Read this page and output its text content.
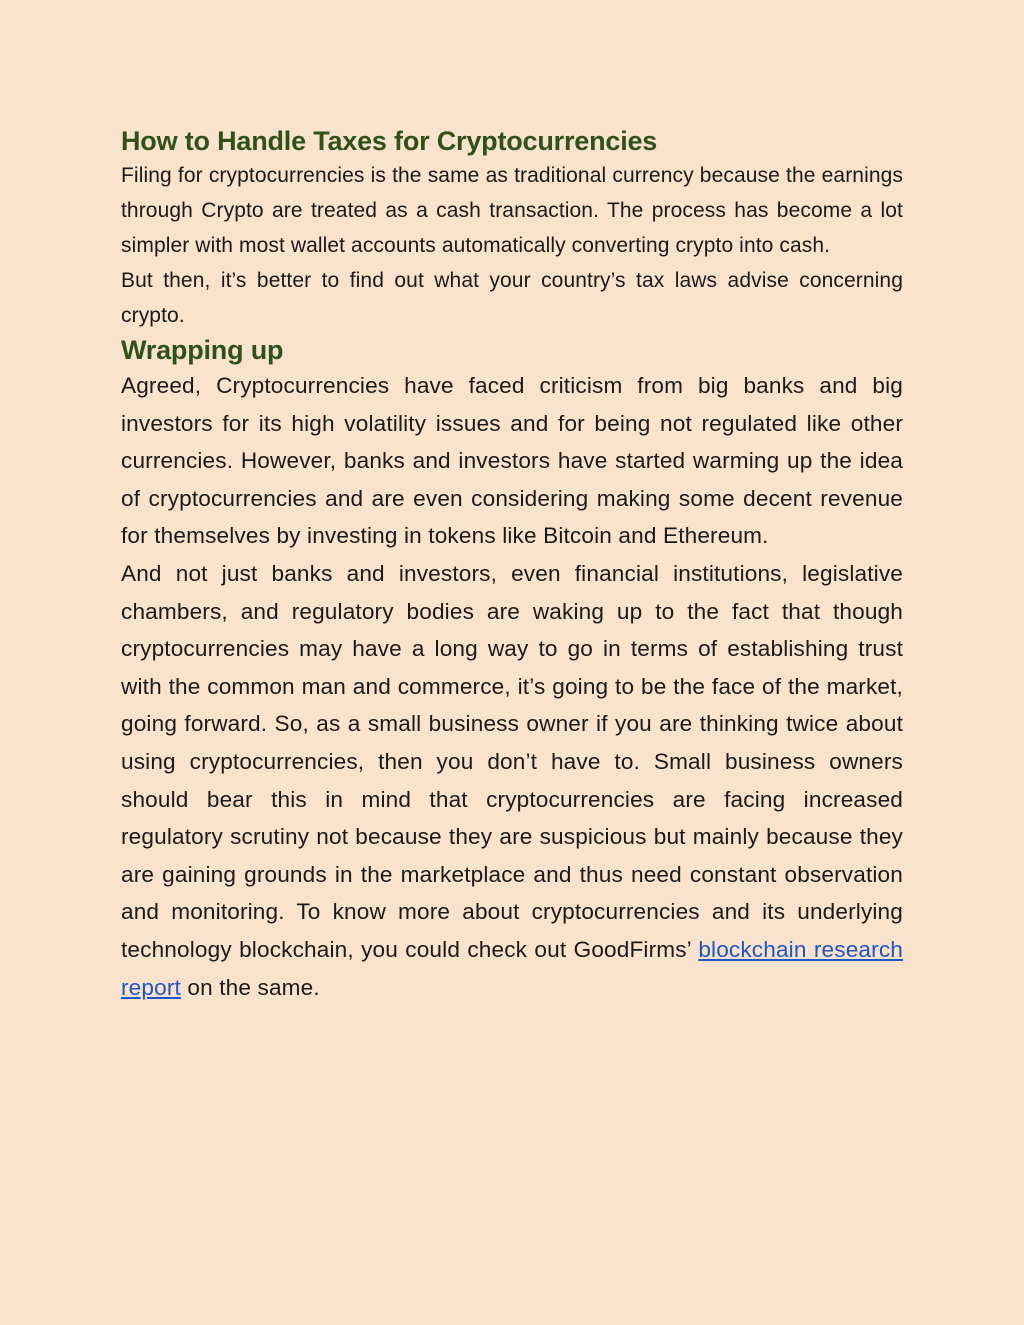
How to Handle Taxes for Cryptocurrencies

Filing for cryptocurrencies is the same as traditional currency because the earnings through Crypto are treated as a cash transaction. The process has become a lot simpler with most wallet accounts automatically converting crypto into cash.

But then, it’s better to find out what your country’s tax laws advise concerning crypto.

Wrapping up

Agreed, Cryptocurrencies have faced criticism from big banks and big investors for its high volatility issues and for being not regulated like other currencies. However, banks and investors have started warming up the idea of cryptocurrencies and are even considering making some decent revenue for themselves by investing in tokens like Bitcoin and Ethereum.

And not just banks and investors, even financial institutions, legislative chambers, and regulatory bodies are waking up to the fact that though cryptocurrencies may have a long way to go in terms of establishing trust with the common man and commerce, it’s going to be the face of the market, going forward. So, as a small business owner if you are thinking twice about using cryptocurrencies, then you don’t have to. Small business owners should bear this in mind that cryptocurrencies are facing increased regulatory scrutiny not because they are suspicious but mainly because they are gaining grounds in the marketplace and thus need constant observation and monitoring. To know more about cryptocurrencies and its underlying technology blockchain, you could check out GoodFirms’ blockchain research report on the same.
